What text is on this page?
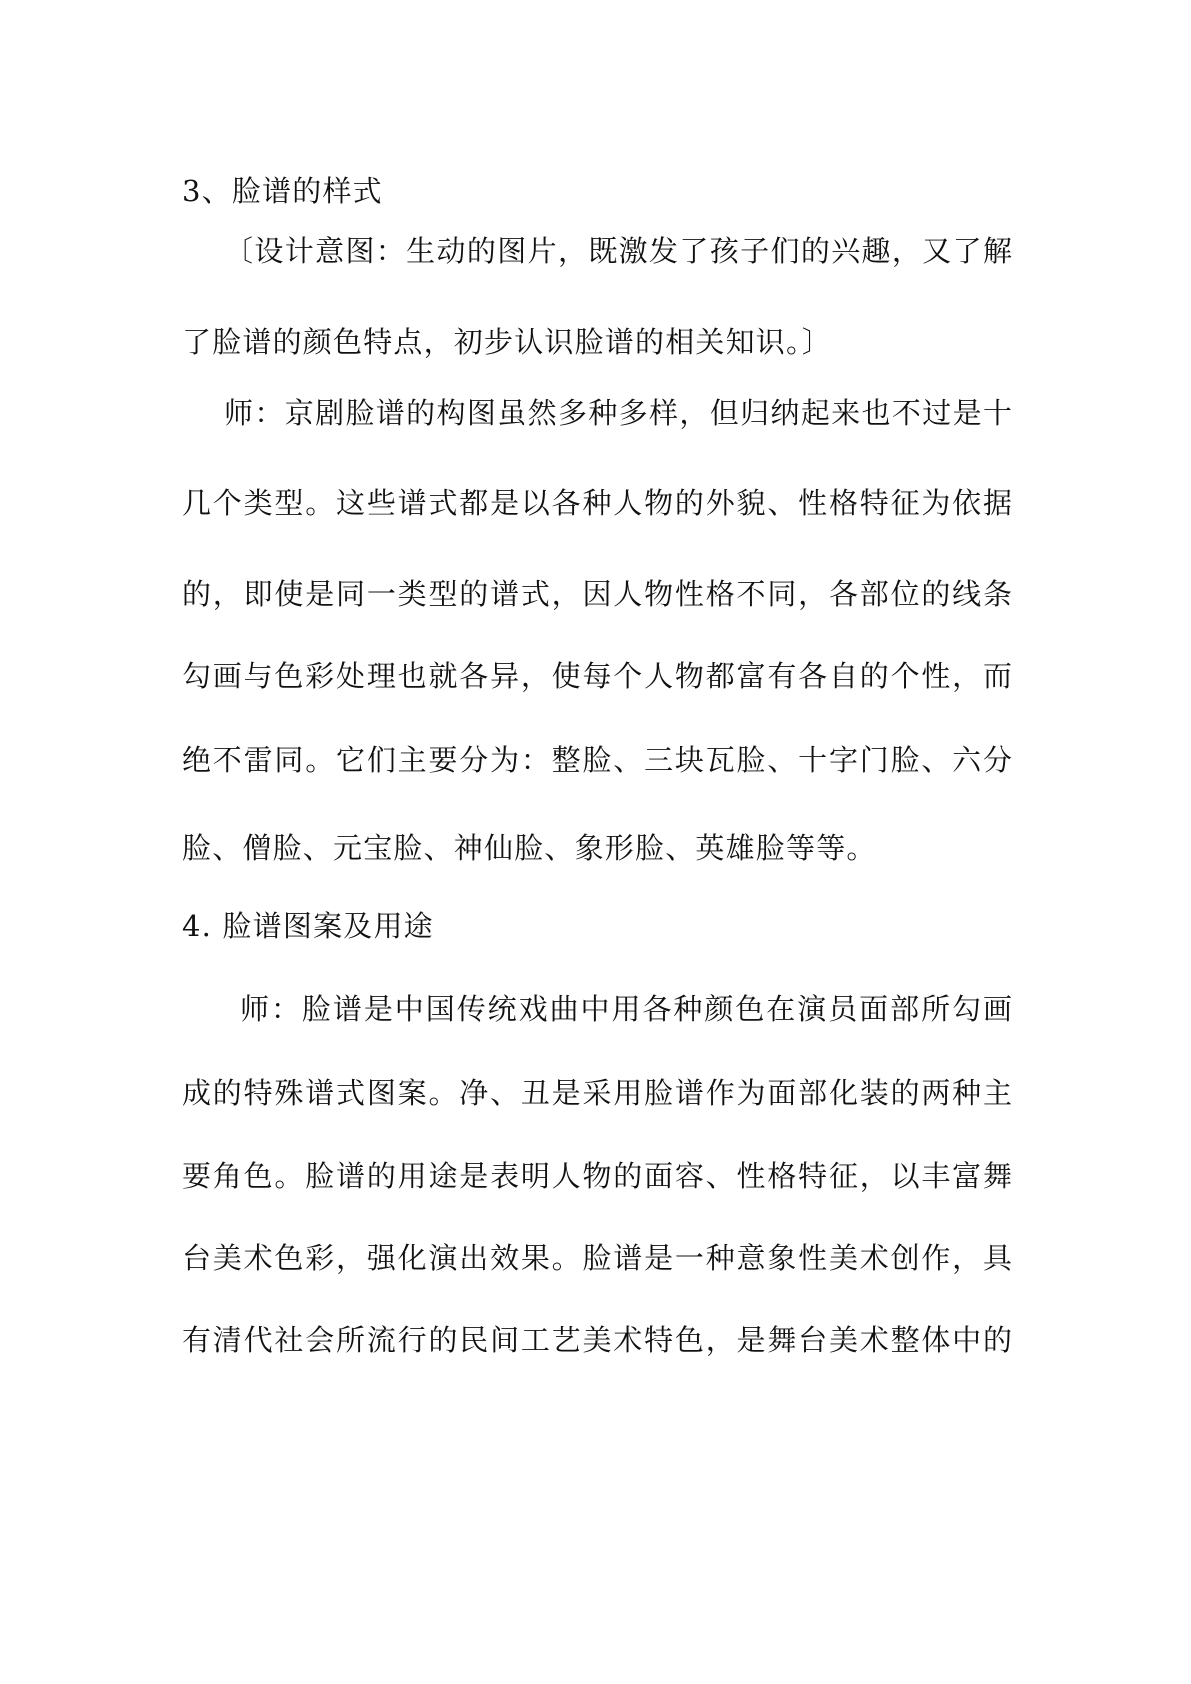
3、脸谱的样式
〔设计意图：生动的图片，既激发了孩子们的兴趣，又了解
了脸谱的颜色特点，初步认识脸谱的相关知识。〕
师：京剧脸谱的构图虽然多种多样，但归纳起来也不过是十
几个类型。这些谱式都是以各种人物的外貌、性格特征为依据
的，即使是同一类型的谱式，因人物性格不同，各部位的线条
勾画与色彩处理也就各异，使每个人物都富有各自的个性，而
绝不雷同。它们主要分为：整脸、三块瓦脸、十字门脸、六分
脸、僧脸、元宝脸、神仙脸、象形脸、英雄脸等等。
4. 脸谱图案及用途
师：脸谱是中国传统戏曲中用各种颜色在演员面部所勾画
成的特殊谱式图案。净、丑是采用脸谱作为面部化装的两种主
要角色。脸谱的用途是表明人物的面容、性格特征，以丰富舞
台美术色彩，强化演出效果。脸谱是一种意象性美术创作，具
有清代社会所流行的民间工艺美术特色，是舞台美术整体中的
